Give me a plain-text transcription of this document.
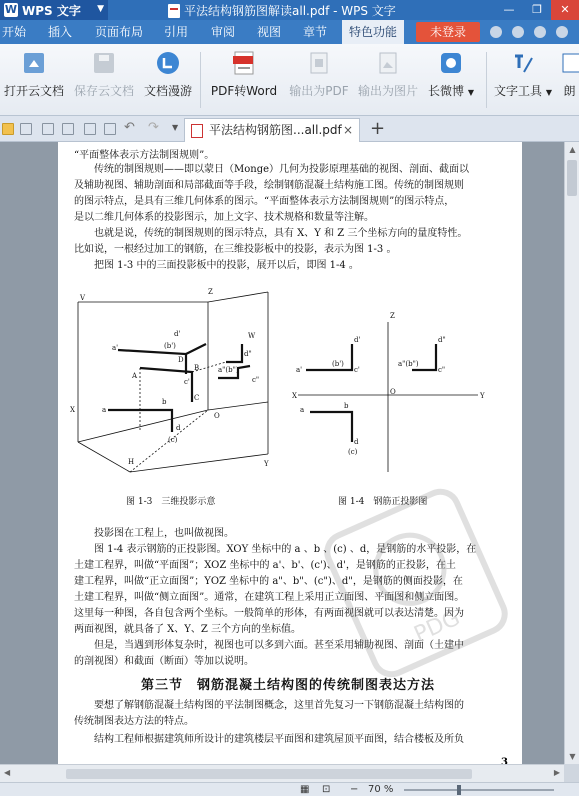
W WPS 文字 ▼	平法结构钢筋图解读all.pdf - WPS 文字	—	❐	✕
开始 插入 页面布局 引用 审阅 视图 章节	特色功能	未登录
打开云文档 保存云文档 文档漫游	PDF转Word	输出为PDF 输出为图片 长微博 ▼ 文字工具 ▼ 朗
↶ ↷ ▼	平法结构钢筋图...all.pdf × +
“平面整体表示方法制图规则”。
传统的制图规则——即以蒙日（Monge）几何为投影原理基础的视图、剖面、截面以
及辅助视图、辅助剖面和局部截面等手段，绘制钢筋混凝土结构施工图。传统的制图规则
的图示特点，是具有三维几何体系的图示。“平面整体表示方法制图规则”的图示特点，
是以二维几何体系的投影图示，加上文字、技术规格和数量等注解。
也就是说，传统的制图规则的图示特点，具有 X、Y 和 Z 三个坐标方向的量度特性。
比如说，一根经过加工的钢筋，在三维投影板中的投影，表示为图 1-3 。
把图 1-3 中的三面投影板中的投影，展开以后，即图 1-4 。
V
Z
X
Y
H
W
O
a'	(b')
c'
d'
A
B
C
D
a
b
(c)
d
a"(b")
c"
d"
X	Y
Z
O
a'
(b')
c'
d'
a"(b")
c"
d"
a	b
(c)
d
图 1-3　三维投影示意	图 1-4　钢筋正投影图
投影图在工程上，也叫做视图。
图 1-4 表示钢筋的正投影图。XOY 坐标中的 a 、b 、(c) 、d，是钢筋的水平投影，在
土建工程界，叫做“平面图”；XOZ 坐标中的 a'、b'、(c')、d'，是钢筋的正投影，在土
建工程界，叫做“正立面图”；YOZ 坐标中的 a"、b"、(c")、d"，是钢筋的侧面投影，在
土建工程界，叫做“侧立面图”。通常，在建筑工程上采用正立面图、平面图和侧立面图。
这里每一种图，各自包含两个坐标。一般简单的形体，有两面视图就可以表达清楚。因为
两面视图，就具备了 X、Y、Z 三个方向的坐标值。
但是，当遇到形体复杂时，视图也可以多到六面。甚至采用辅助视图、剖面（土建中
的剖视图）和截面（断面）等加以说明。
第三节　钢筋混凝土结构图的传统制图表达方法
要想了解钢筋混凝土结构图的平法制图概念，这里首先复习一下钢筋混凝土结构图的
传统制图表达方法的特点。
结构工程师根据建筑师所设计的建筑楼层平面图和建筑屋顶平面图，结合楼板及所负
3
PDG
▲
▼
◀	▶
▦ ⊡ − 70 %
